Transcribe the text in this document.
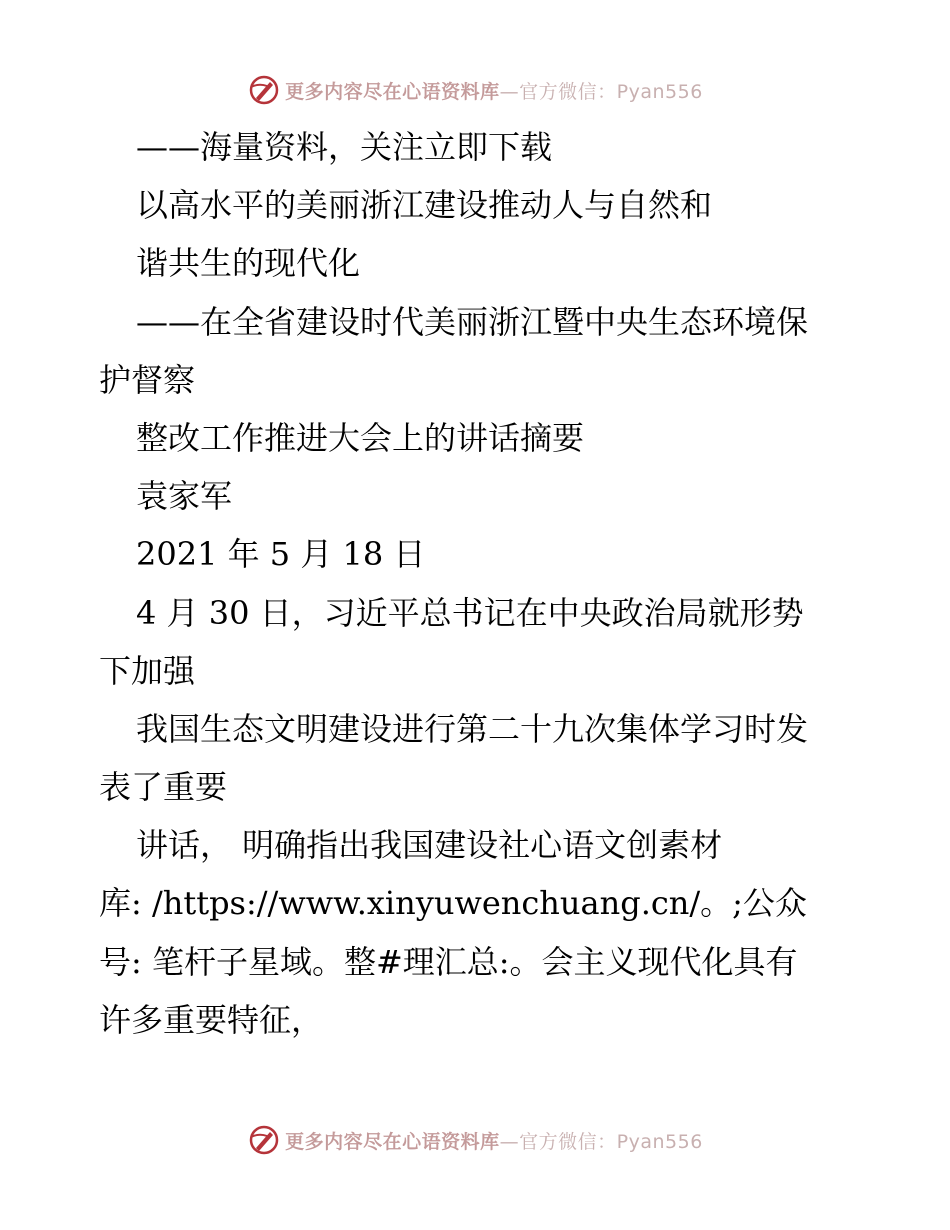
更多内容尽在心语资料库—官方微信：Pyan556
——海量资料，关注立即下载
以高水平的美丽浙江建设推动人与自然和
谐共生的现代化
——在全省建设时代美丽浙江暨中央生态环境保
护督察
整改工作推进大会上的讲话摘要
袁家军
2021 年 5 月 18 日
4 月 30 日，习近平总书记在中央政治局就形势
下加强
我国生态文明建设进行第二十九次集体学习时发
表了重要
讲话， 明确指出我国建设社心语文创素材
库: /https://www.xinyuwenchuang.cn/。;公众
号: 笔杆子星域。整#理汇总:。会主义现代化具有
许多重要特征，
更多内容尽在心语资料库—官方微信：Pyan556
